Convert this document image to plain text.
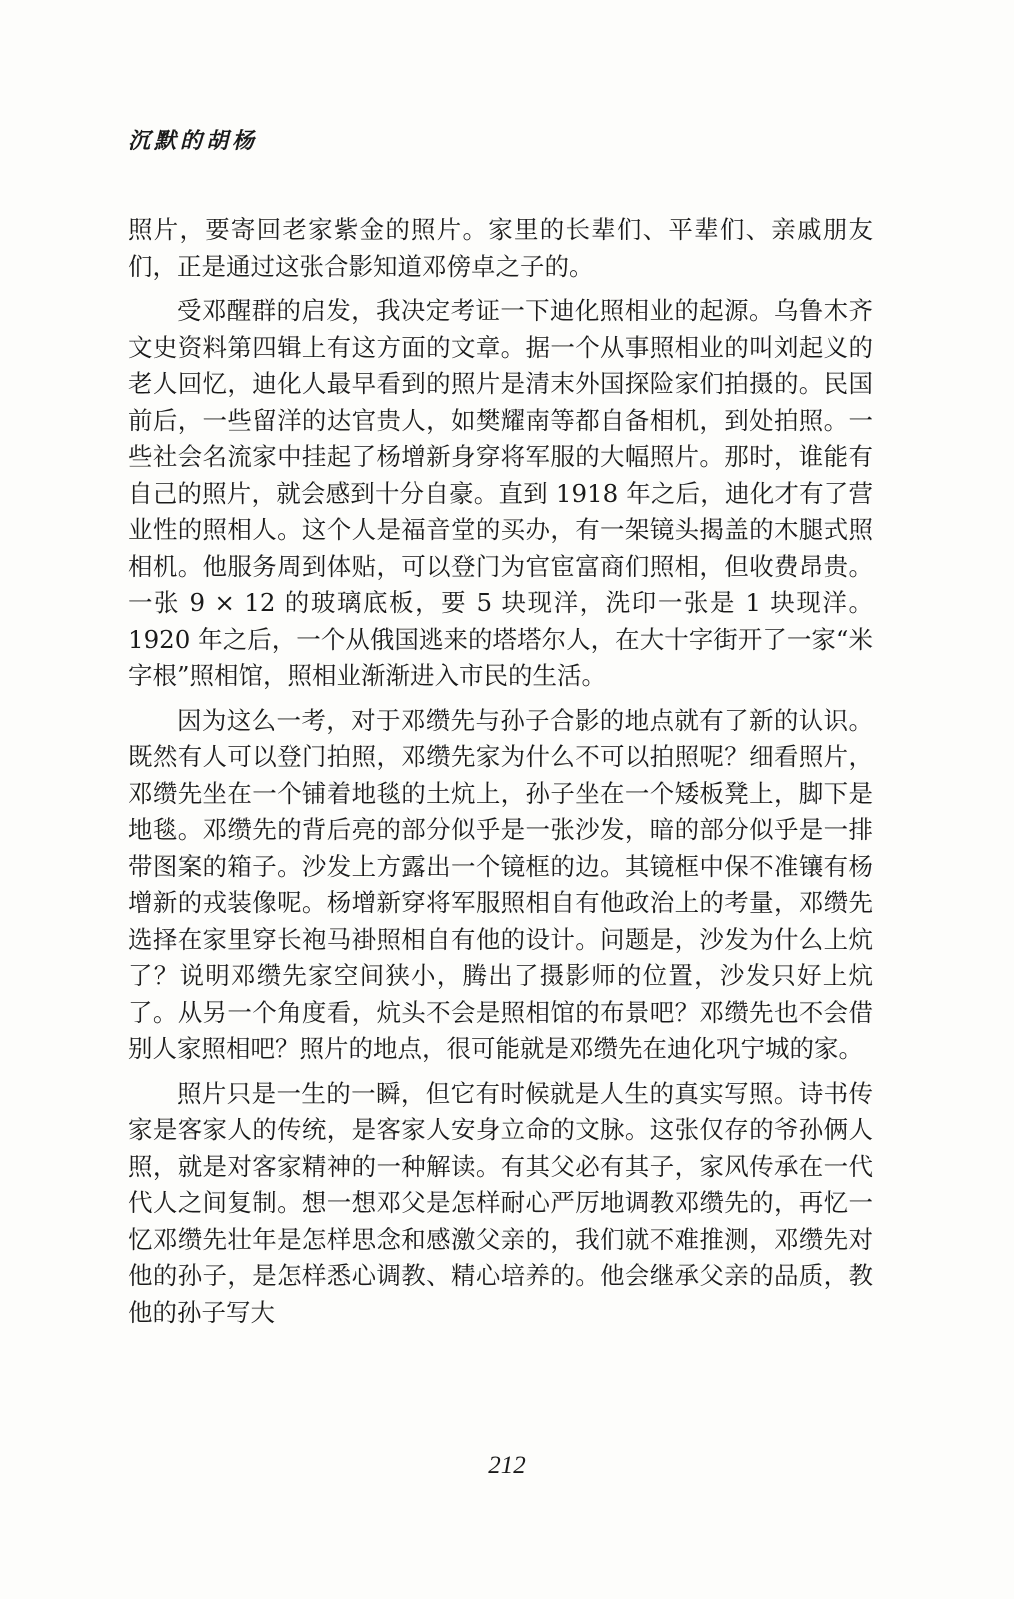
沉默的胡杨

照片，要寄回老家紫金的照片。家里的长辈们、平辈们、亲戚朋友们，正是通过这张合影知道邓傍卓之子的。

受邓醒群的启发，我决定考证一下迪化照相业的起源。乌鲁木齐文史资料第四辑上有这方面的文章。据一个从事照相业的叫刘起义的老人回忆，迪化人最早看到的照片是清末外国探险家们拍摄的。民国前后，一些留洋的达官贵人，如樊耀南等都自备相机，到处拍照。一些社会名流家中挂起了杨增新身穿将军服的大幅照片。那时，谁能有自己的照片，就会感到十分自豪。直到 1918 年之后，迪化才有了营业性的照相人。这个人是福音堂的买办，有一架镜头揭盖的木腿式照相机。他服务周到体贴，可以登门为官宦富商们照相，但收费昂贵。一张 9 × 12 的玻璃底板，要 5 块现洋，洗印一张是 1 块现洋。1920 年之后，一个从俄国逃来的塔塔尔人，在大十字街开了一家“米字根”照相馆，照相业渐渐进入市民的生活。

因为这么一考，对于邓缵先与孙子合影的地点就有了新的认识。既然有人可以登门拍照，邓缵先家为什么不可以拍照呢？细看照片，邓缵先坐在一个铺着地毯的土炕上，孙子坐在一个矮板凳上，脚下是地毯。邓缵先的背后亮的部分似乎是一张沙发，暗的部分似乎是一排带图案的箱子。沙发上方露出一个镜框的边。其镜框中保不准镶有杨增新的戎装像呢。杨增新穿将军服照相自有他政治上的考量，邓缵先选择在家里穿长袍马褂照相自有他的设计。问题是，沙发为什么上炕了？说明邓缵先家空间狭小，腾出了摄影师的位置，沙发只好上炕了。从另一个角度看，炕头不会是照相馆的布景吧？邓缵先也不会借别人家照相吧？照片的地点，很可能就是邓缵先在迪化巩宁城的家。

照片只是一生的一瞬，但它有时候就是人生的真实写照。诗书传家是客家人的传统，是客家人安身立命的文脉。这张仅存的爷孙俩人照，就是对客家精神的一种解读。有其父必有其子，家风传承在一代代人之间复制。想一想邓父是怎样耐心严厉地调教邓缵先的，再忆一忆邓缵先壮年是怎样思念和感激父亲的，我们就不难推测，邓缵先对他的孙子，是怎样悉心调教、精心培养的。他会继承父亲的品质，教他的孙子写大

212
